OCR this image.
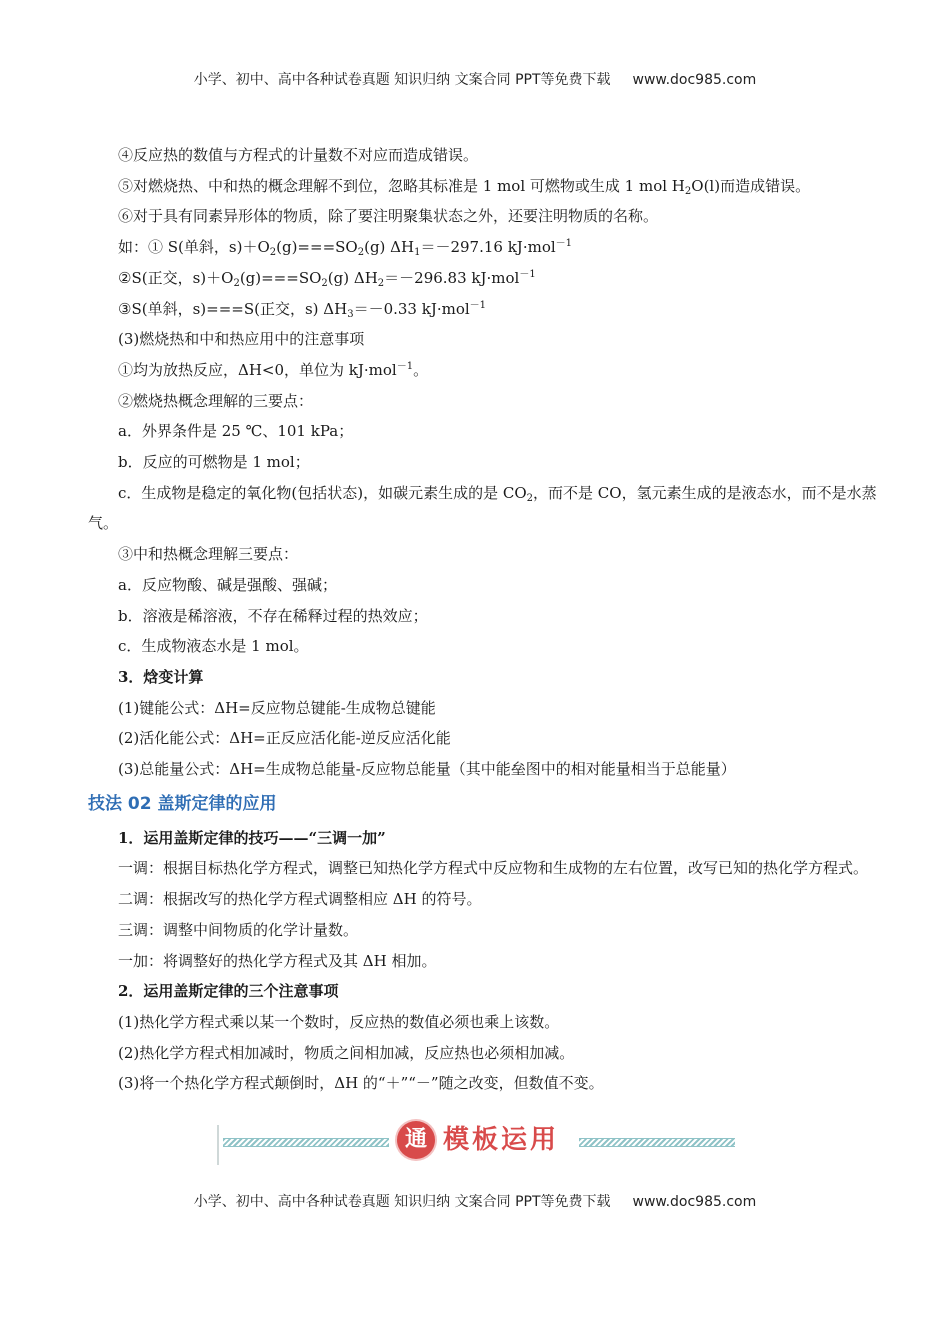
小学、初中、高中各种试卷真题 知识归纳 文案合同 PPT等免费下载 www.doc985.com
④反应热的数值与方程式的计量数不对应而造成错误。
⑤对燃烧热、中和热的概念理解不到位，忽略其标准是 1 mol 可燃物或生成 1 mol $H_2O(l)$而造成错误。
⑥对于具有同素异形体的物质，除了要注明聚集状态之外，还要注明物质的名称。
如：① S(单斜，$s)+O_2(g)===SO_2(g)$ $\Delta H_1=-297.16$ kJ·mol$^{-1}$
②S(正交，$s)+O_2(g)===SO_2(g)$ $\Delta H_2=-296.83$ kJ·mol$^{-1}$
③S(单斜，s)===S(正交，s) $\Delta H_3=-0.33$ kJ·mol$^{-1}$
(3)燃烧热和中和热应用中的注意事项
①均为放热反应，ΔH<0，单位为 kJ·mol$^{-1}$。
②燃烧热概念理解的三要点：
a．外界条件是 25 ℃、101 kPa；
b．反应的可燃物是 1 mol；
c．生成物是稳定的氧化物(包括状态)，如碳元素生成的是 $CO_2$，而不是 CO，氢元素生成的是液态水，而不是水蒸气。
③中和热概念理解三要点：
a．反应物酸、碱是强酸、强碱；
b．溶液是稀溶液，不存在稀释过程的热效应；
c．生成物液态水是 1 mol。
3．焓变计算
(1)键能公式：ΔH=反应物总键能-生成物总键能
(2)活化能公式：ΔH=正反应活化能-逆反应活化能
(3)总能量公式：ΔH=生成物总能量-反应物总能量（其中能垒图中的相对能量相当于总能量）
技法 02 盖斯定律的应用
1．运用盖斯定律的技巧——“三调一加”
一调：根据目标热化学方程式，调整已知热化学方程式中反应物和生成物的左右位置，改写已知的热化学方程式。
二调：根据改写的热化学方程式调整相应 ΔH 的符号。
三调：调整中间物质的化学计量数。
一加：将调整好的热化学方程式及其 ΔH 相加。
2．运用盖斯定律的三个注意事项
(1)热化学方程式乘以某一个数时，反应热的数值必须也乘上该数。
(2)热化学方程式相加减时，物质之间相加减，反应热也必须相加减。
(3)将一个热化学方程式颠倒时，ΔH 的“＋”“－”随之改变，但数值不变。
通 模板运用
小学、初中、高中各种试卷真题 知识归纳 文案合同 PPT等免费下载 www.doc985.com
